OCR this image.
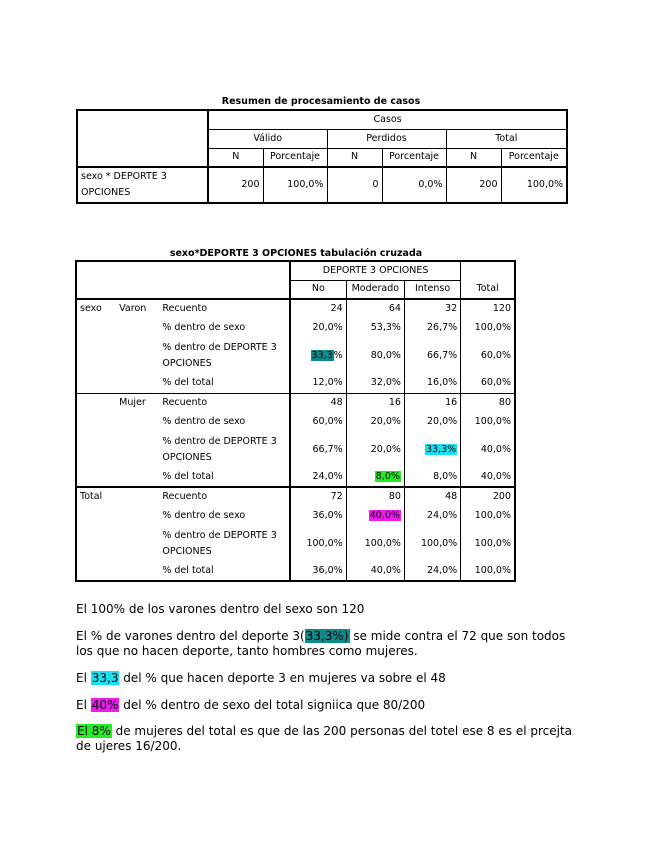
Resumen de procesamiento de casos
	Casos					
	Válido		Perdidos		Total	
	N	Porcentaje	N	Porcentaje	N	Porcentaje
sexo * DEPORTE 3
OPCIONES	200	100,0%	0	0,0%	200	100,0%
sexo*DEPORTE 3 OPCIONES tabulación cruzada
			DEPORTE 3 OPCIONES			Total
			No	Moderado	Intenso	
sexo	Varon	Recuento	24	64	32	120
		% dentro de sexo	20,0%	53,3%	26,7%	100,0%
		% dentro de DEPORTE 3
OPCIONES	33,3%	80,0%	66,7%	60,0%
		% del total	12,0%	32,0%	16,0%	60,0%
	Mujer	Recuento	48	16	16	80
		% dentro de sexo	60,0%	20,0%	20,0%	100,0%
		% dentro de DEPORTE 3
OPCIONES	66,7%	20,0%	33,3%	40,0%
		% del total	24,0%	8,0%	8,0%	40,0%
Total		Recuento	72	80	48	200
		% dentro de sexo	36,0%	40,0%	24,0%	100,0%
		% dentro de DEPORTE 3
OPCIONES	100,0%	100,0%	100,0%	100,0%
		% del total	36,0%	40,0%	24,0%	100,0%

El 100% de los varones dentro del sexo son 120

El % de varones dentro del deporte 3(33,3%) se mide contra el 72 que son todos los que no hacen deporte, tanto hombres como mujeres.

El 33,3 del % que hacen deporte 3 en mujeres va sobre el 48

El 40% del % dentro de sexo del total signiica que 80/200

El 8% de mujeres del total es que de las 200 personas del totel ese 8 es el prcejta de ujeres 16/200.
